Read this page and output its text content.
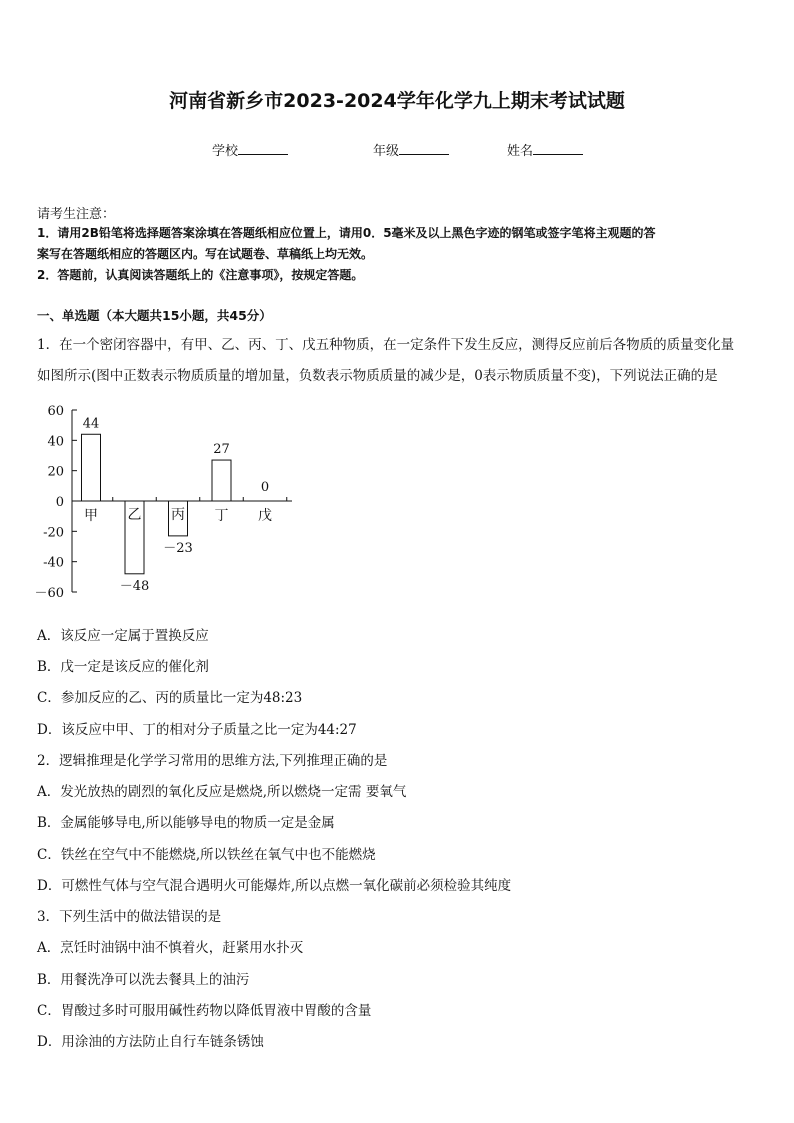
河南省新乡市2023-2024学年化学九上期末考试试题
学校	年级	姓名
请考生注意：
1．请用2B铅笔将选择题答案涂填在答题纸相应位置上，请用0．5毫米及以上黑色字迹的钢笔或签字笔将主观题的答
案写在答题纸相应的答题区内。写在试题卷、草稿纸上均无效。
2．答题前，认真阅读答题纸上的《注意事项》，按规定答题。
一、单选题（本大题共15小题，共45分）
1．在一个密闭容器中，有甲、乙、丙、丁、戊五种物质，在一定条件下发生反应，测得反应前后各物质的质量变化量
如图所示(图中正数表示物质质量的增加量，负数表示物质质量的减少是，0表示物质质量不变)，下列说法正确的是
60
40
20
0
-20
-40
－60
甲
44
乙
－48
丙
－23
丁
27
戊
0
A．该反应一定属于置换反应
B．戊一定是该反应的催化剂
C．参加反应的乙、丙的质量比一定为48:23
D．该反应中甲、丁的相对分子质量之比一定为44:27
2．逻辑推理是化学学习常用的思维方法,下列推理正确的是
A．发光放热的剧烈的氧化反应是燃烧,所以燃烧一定需 要氧气
B．金属能够导电,所以能够导电的物质一定是金属
C．铁丝在空气中不能燃烧,所以铁丝在氧气中也不能燃烧
D．可燃性气体与空气混合遇明火可能爆炸,所以点燃一氧化碳前必须检验其纯度
3．下列生活中的做法错误的是
A．烹饪时油锅中油不慎着火，赶紧用水扑灭
B．用餐洗净可以洗去餐具上的油污
C．胃酸过多时可服用碱性药物以降低胃液中胃酸的含量
D．用涂油的方法防止自行车链条锈蚀
